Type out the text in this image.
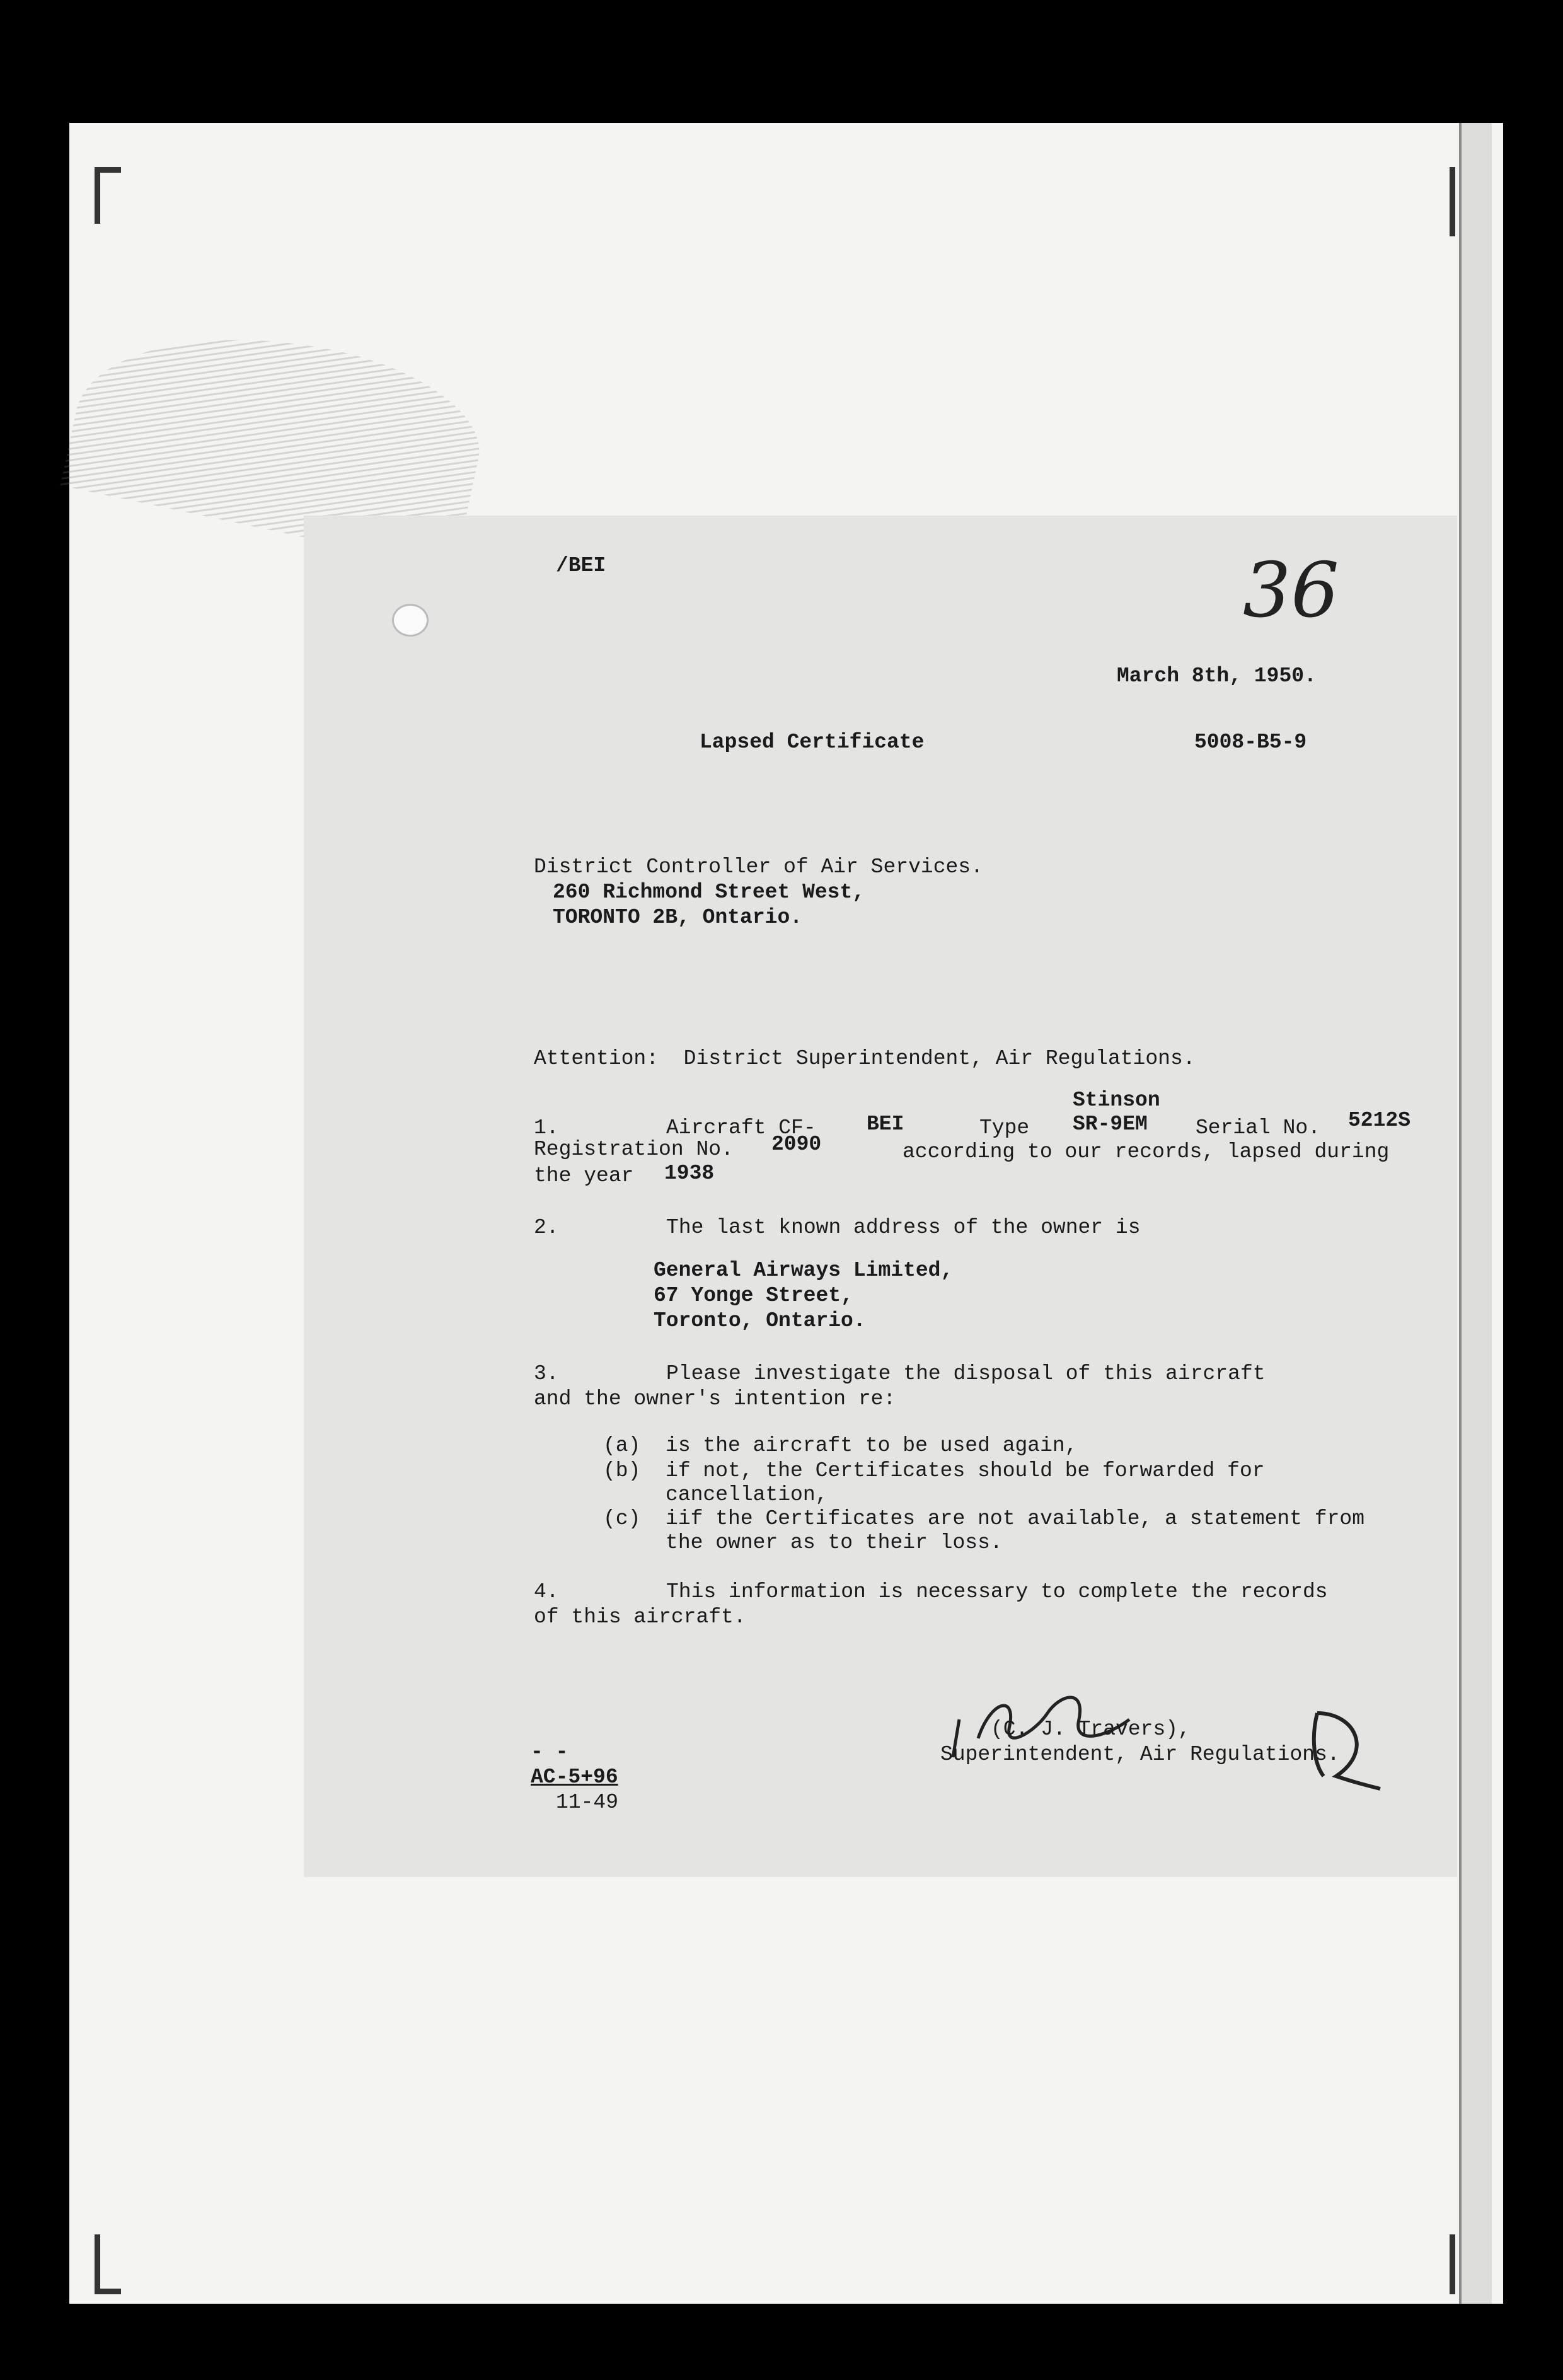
/BEI	36
March 8th, 1950.
Lapsed Certificate	5008-B5-9
District Controller of Air Services.
260 Richmond Street West,
TORONTO 2B, Ontario.
Attention:  District Superintendent, Air Regulations.
Stinson
1.	Aircraft CF- BEI	Type SR-9EM Serial No. 5212S
Registration No. 2090	according to our records, lapsed during
the year 1938
2.	The last known address of the owner is
General Airways Limited,
67 Yonge Street,
Toronto, Ontario.
3.	Please investigate the disposal of this aircraft
and the owner's intention re:
(a)  is the aircraft to be used again,
(b)  if not, the Certificates should be forwarded for
cancellation,
(c)  iif the Certificates are not available, a statement from
the owner as to their loss.
4.	This information is necessary to complete the records
of this aircraft.
(C. J. Travers),
Superintendent, Air Regulations.
- -
AC-5+96
11-49
